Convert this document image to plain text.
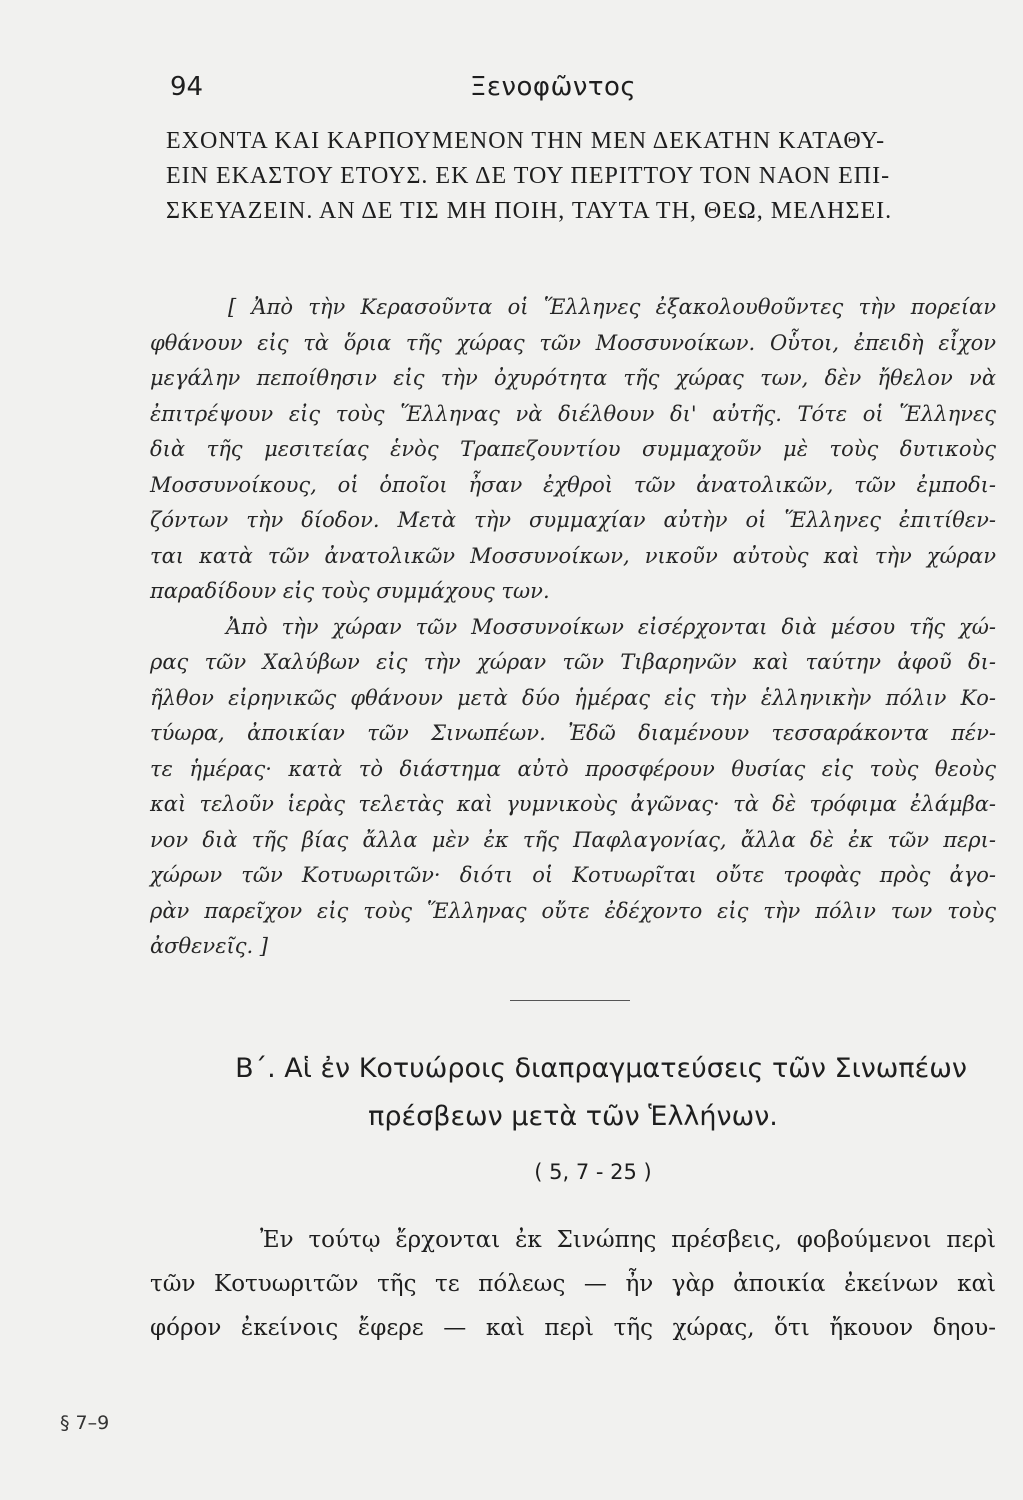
94	Ξενοφῶντος
ΕΧΟΝΤΑ ΚΑΙ ΚΑΡΠΟΥΜΕΝΟΝ ΤΗΝ ΜΕΝ ΔΕΚΑΤΗΝ ΚΑΤΑΘΥ-
ΕΙΝ ΕΚΑΣΤΟΥ ΕΤΟΥΣ. ΕΚ ΔΕ ΤΟΥ ΠΕΡΙΤΤΟΥ ΤΟΝ ΝΑΟΝ ΕΠΙ-
ΣΚΕΥΑΖΕΙΝ. ΑΝ ΔΕ ΤΙΣ ΜΗ ΠΟΙΗ, ΤΑΥΤΑ ΤΗ, ΘΕΩ, ΜΕΛΗΣΕΙ.
[ Ἀπὸ τὴν Κερασοῦντα οἱ Ἕλληνες ἐξακολουθοῦντες τὴν πορείαν
φθάνουν εἰς τὰ ὅρια τῆς χώρας τῶν Μοσσυνοίκων. Οὗτοι, ἐπειδὴ εἶχον
μεγάλην πεποίθησιν εἰς τὴν ὀχυρότητα τῆς χώρας των, δὲν ἤθελον νὰ
ἐπιτρέψουν εἰς τοὺς Ἕλληνας νὰ διέλθουν δι' αὐτῆς. Τότε οἱ Ἕλληνες
διὰ τῆς μεσιτείας ἑνὸς Τραπεζουντίου συμμαχοῦν μὲ τοὺς δυτικοὺς
Μοσσυνοίκους, οἱ ὁποῖοι ἦσαν ἐχθροὶ τῶν ἀνατολικῶν, τῶν ἐμποδι-
ζόντων τὴν δίοδον. Μετὰ τὴν συμμαχίαν αὐτὴν οἱ Ἕλληνες ἐπιτίθεν-
ται κατὰ τῶν ἀνατολικῶν Μοσσυνοίκων, νικοῦν αὐτοὺς καὶ τὴν χώραν
παραδίδουν εἰς τοὺς συμμάχους των.
Ἀπὸ τὴν χώραν τῶν Μοσσυνοίκων εἰσέρχονται διὰ μέσου τῆς χώ-
ρας τῶν Χαλύβων εἰς τὴν χώραν τῶν Τιβαρηνῶν καὶ ταύτην ἀφοῦ δι-
ῆλθον εἰρηνικῶς φθάνουν μετὰ δύο ἡμέρας εἰς τὴν ἑλληνικὴν πόλιν Κο-
τύωρα, ἀποικίαν τῶν Σινωπέων. Ἐδῶ διαμένουν τεσσαράκοντα πέν-
τε ἡμέρας· κατὰ τὸ διάστημα αὐτὸ προσφέρουν θυσίας εἰς τοὺς θεοὺς
καὶ τελοῦν ἱερὰς τελετὰς καὶ γυμνικοὺς ἀγῶνας· τὰ δὲ τρόφιμα ἐλάμβα-
νον διὰ τῆς βίας ἄλλα μὲν ἐκ τῆς Παφλαγονίας, ἄλλα δὲ ἐκ τῶν περι-
χώρων τῶν Κοτυωριτῶν· διότι οἱ Κοτυωρῖται οὔτε τροφὰς πρὸς ἀγο-
ρὰν παρεῖχον εἰς τοὺς Ἕλληνας οὔτε ἐδέχοντο εἰς τὴν πόλιν των τοὺς
ἀσθενεῖς. ]
Β΄. Αἱ ἐν Κοτυώροις διαπραγματεύσεις τῶν Σινωπέων
πρέσβεων μετὰ τῶν Ἑλλήνων.
( 5, 7 - 25 )
§ 7–9
Ἐν τούτῳ ἔρχονται ἐκ Σινώπης πρέσβεις, φοβούμενοι περὶ
τῶν Κοτυωριτῶν τῆς τε πόλεως — ἦν γὰρ ἀποικία ἐκείνων καὶ
φόρον ἐκείνοις ἔφερε — καὶ περὶ τῆς χώρας, ὅτι ἤκουον δηου-
